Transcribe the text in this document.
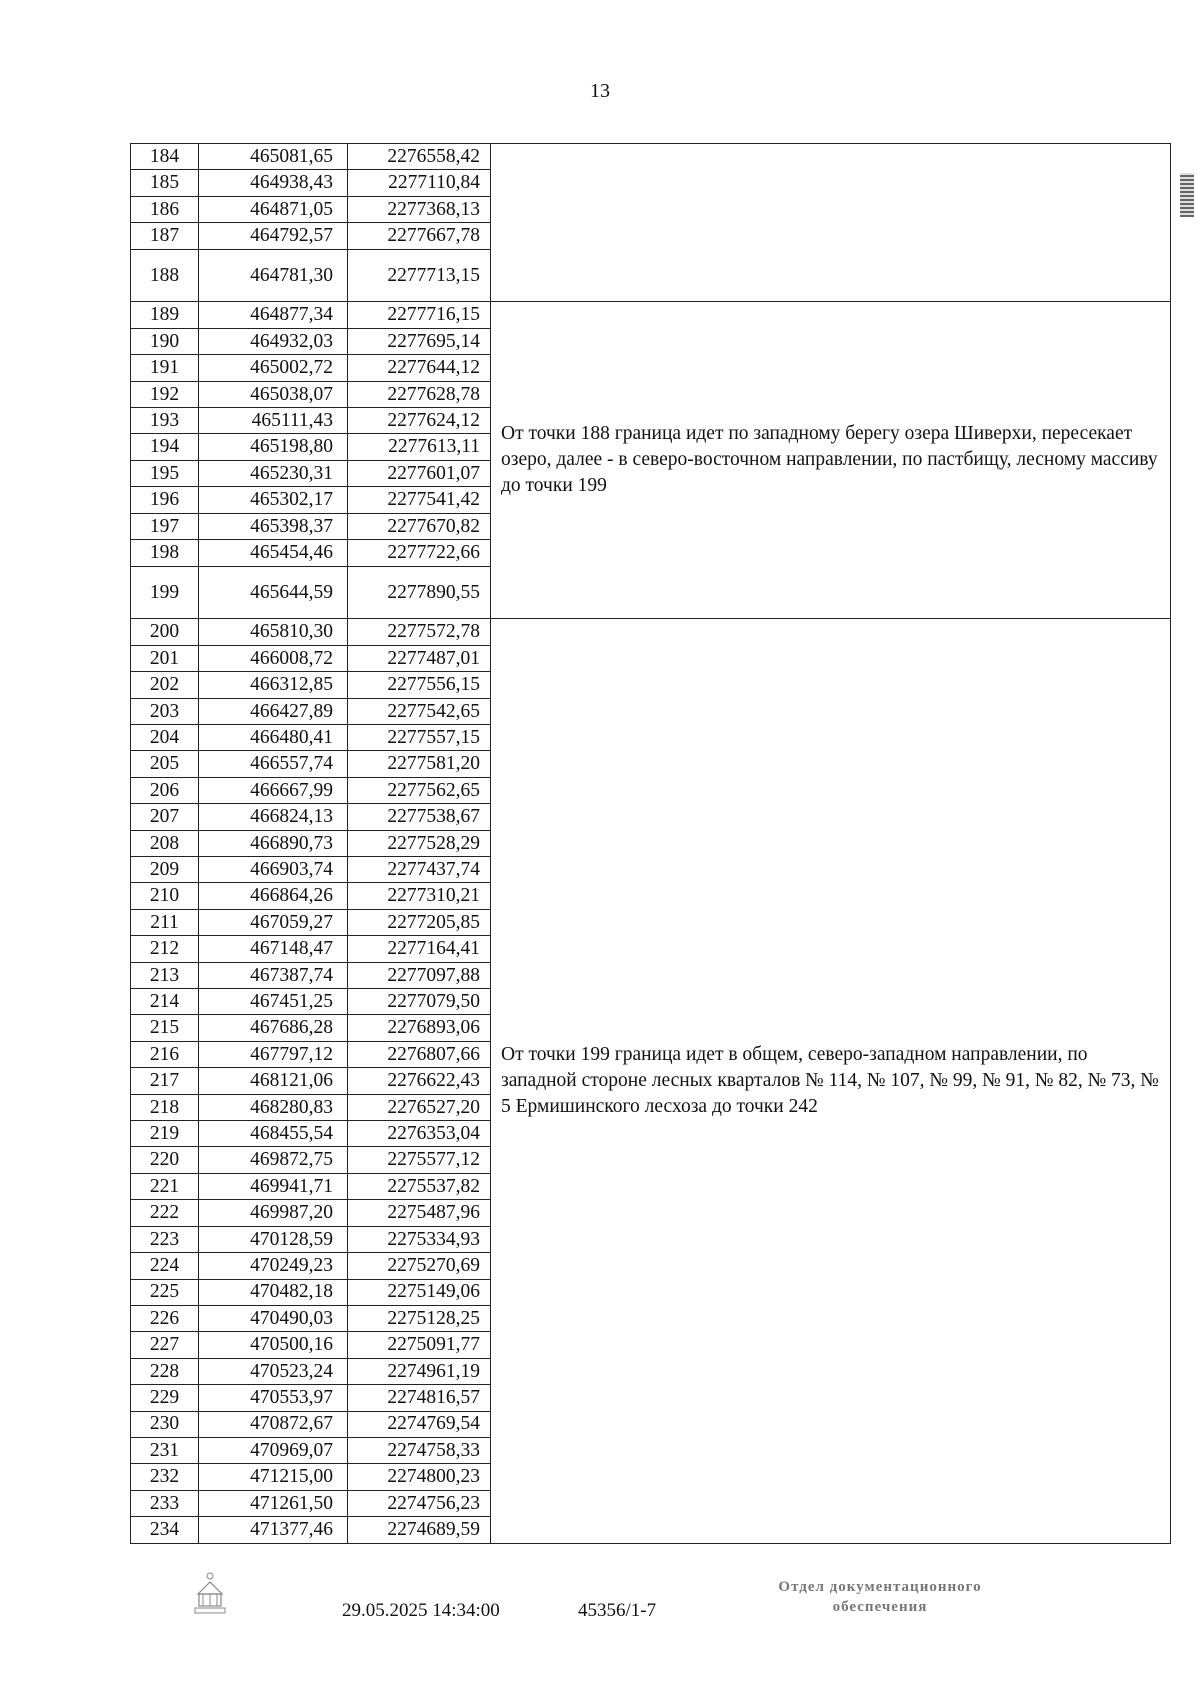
13
184	465081,65	2276558,42	
185	464938,43	2277110,84	
186	464871,05	2277368,13	
187	464792,57	2277667,78	
188	464781,30	2277713,15	
189	464877,34	2277716,15	От точки 188 граница идет по западному берегу озера Шиверхи, пересекает озеро, далее - в северо-восточном направлении, по пастбищу, лесному массиву до точки 199
190	464932,03	2277695,14	
191	465002,72	2277644,12	
192	465038,07	2277628,78	
193	465111,43	2277624,12	
194	465198,80	2277613,11	
195	465230,31	2277601,07	
196	465302,17	2277541,42	
197	465398,37	2277670,82	
198	465454,46	2277722,66	
199	465644,59	2277890,55	
200	465810,30	2277572,78	От точки 199 граница идет в общем, северо-западном направлении, по западной стороне лесных кварталов № 114, № 107, № 99, № 91, № 82, № 73, № 5 Ермишинского лесхоза до точки 242
201	466008,72	2277487,01	
202	466312,85	2277556,15	
203	466427,89	2277542,65	
204	466480,41	2277557,15	
205	466557,74	2277581,20	
206	466667,99	2277562,65	
207	466824,13	2277538,67	
208	466890,73	2277528,29	
209	466903,74	2277437,74	
210	466864,26	2277310,21	
211	467059,27	2277205,85	
212	467148,47	2277164,41	
213	467387,74	2277097,88	
214	467451,25	2277079,50	
215	467686,28	2276893,06	
216	467797,12	2276807,66	
217	468121,06	2276622,43	
218	468280,83	2276527,20	
219	468455,54	2276353,04	
220	469872,75	2275577,12	
221	469941,71	2275537,82	
222	469987,20	2275487,96	
223	470128,59	2275334,93	
224	470249,23	2275270,69	
225	470482,18	2275149,06	
226	470490,03	2275128,25	
227	470500,16	2275091,77	
228	470523,24	2274961,19	
229	470553,97	2274816,57	
230	470872,67	2274769,54	
231	470969,07	2274758,33	
232	471215,00	2274800,23	
233	471261,50	2274756,23	
234	471377,46	2274689,59	
29.05.2025 14:34:00	45356/1-7
Отдел документационного
обеспечения
